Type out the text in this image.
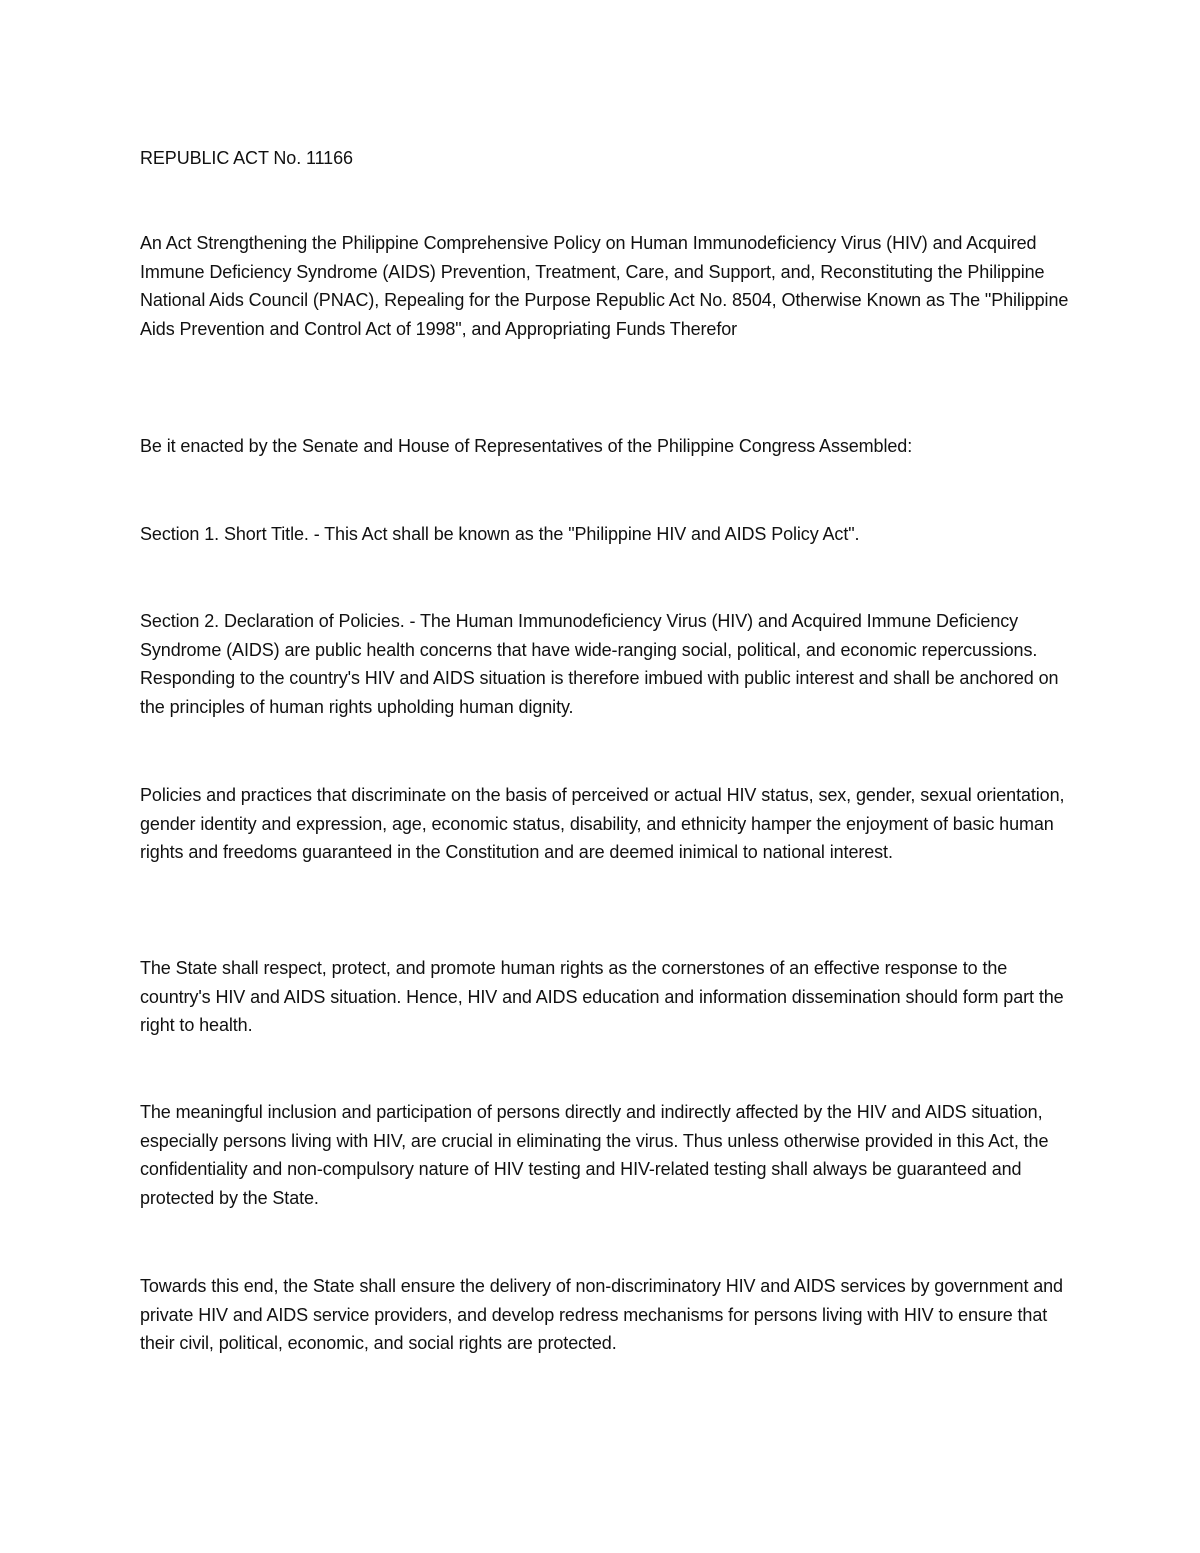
REPUBLIC ACT No. 11166

An Act Strengthening the Philippine Comprehensive Policy on Human Immunodeficiency Virus (HIV) and Acquired Immune Deficiency Syndrome (AIDS) Prevention, Treatment, Care, and Support, and, Reconstituting the Philippine National Aids Council (PNAC), Repealing for the Purpose Republic Act No. 8504, Otherwise Known as The "Philippine Aids Prevention and Control Act of 1998", and Appropriating Funds Therefor

Be it enacted by the Senate and House of Representatives of the Philippine Congress Assembled:

Section 1. Short Title. - This Act shall be known as the "Philippine HIV and AIDS Policy Act".

Section 2. Declaration of Policies. - The Human Immunodeficiency Virus (HIV) and Acquired Immune Deficiency Syndrome (AIDS) are public health concerns that have wide-ranging social, political, and economic repercussions. Responding to the country's HIV and AIDS situation is therefore imbued with public interest and shall be anchored on the principles of human rights upholding human dignity.

Policies and practices that discriminate on the basis of perceived or actual HIV status, sex, gender, sexual orientation, gender identity and expression, age, economic status, disability, and ethnicity hamper the enjoyment of basic human rights and freedoms guaranteed in the Constitution and are deemed inimical to national interest.

The State shall respect, protect, and promote human rights as the cornerstones of an effective response to the country's HIV and AIDS situation. Hence, HIV and AIDS education and information dissemination should form part the right to health.

The meaningful inclusion and participation of persons directly and indirectly affected by the HIV and AIDS situation, especially persons living with HIV, are crucial in eliminating the virus. Thus unless otherwise provided in this Act, the confidentiality and non-compulsory nature of HIV testing and HIV-related testing shall always be guaranteed and protected by the State.

Towards this end, the State shall ensure the delivery of non-discriminatory HIV and AIDS services by government and private HIV and AIDS service providers, and develop redress mechanisms for persons living with HIV to ensure that their civil, political, economic, and social rights are protected.
